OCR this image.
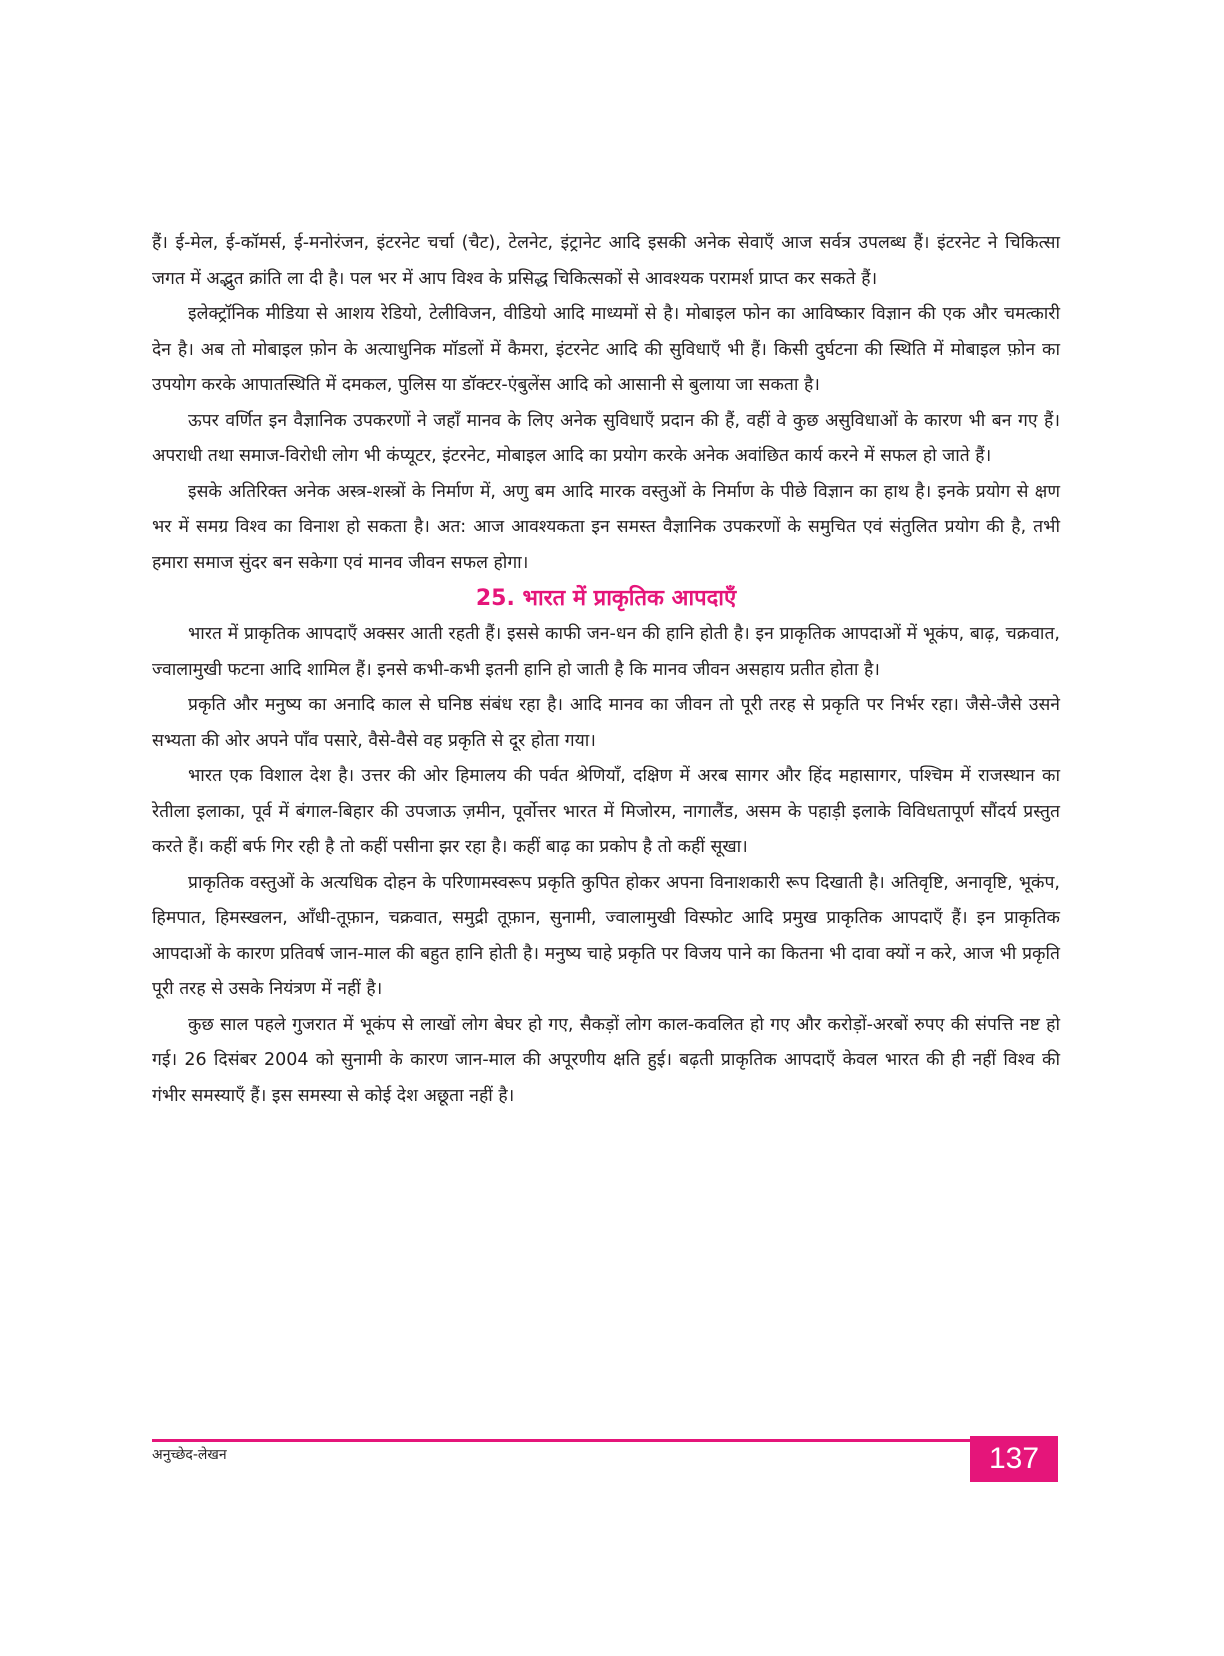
हैं। ई-मेल, ई-कॉमर्स, ई-मनोरंजन, इंटरनेट चर्चा (चैट), टेलनेट, इंट्रानेट आदि इसकी अनेक सेवाएँ आज सर्वत्र उपलब्ध हैं। इंटरनेट ने चिकित्सा जगत में अद्भुत क्रांति ला दी है। पल भर में आप विश्व के प्रसिद्ध चिकित्सकों से आवश्यक परामर्श प्राप्त कर सकते हैं।

इलेक्ट्रॉनिक मीडिया से आशय रेडियो, टेलीविजन, वीडियो आदि माध्यमों से है। मोबाइल फोन का आविष्कार विज्ञान की एक और चमत्कारी देन है। अब तो मोबाइल फ़ोन के अत्याधुनिक मॉडलों में कैमरा, इंटरनेट आदि की सुविधाएँ भी हैं। किसी दुर्घटना की स्थिति में मोबाइल फ़ोन का उपयोग करके आपातस्थिति में दमकल, पुलिस या डॉक्टर-एंबुलेंस आदि को आसानी से बुलाया जा सकता है।

ऊपर वर्णित इन वैज्ञानिक उपकरणों ने जहाँ मानव के लिए अनेक सुविधाएँ प्रदान की हैं, वहीं वे कुछ असुविधाओं के कारण भी बन गए हैं। अपराधी तथा समाज-विरोधी लोग भी कंप्यूटर, इंटरनेट, मोबाइल आदि का प्रयोग करके अनेक अवांछित कार्य करने में सफल हो जाते हैं।

इसके अतिरिक्त अनेक अस्त्र-शस्त्रों के निर्माण में, अणु बम आदि मारक वस्तुओं के निर्माण के पीछे विज्ञान का हाथ है। इनके प्रयोग से क्षण भर में समग्र विश्व का विनाश हो सकता है। अत: आज आवश्यकता इन समस्त वैज्ञानिक उपकरणों के समुचित एवं संतुलित प्रयोग की है, तभी हमारा समाज सुंदर बन सकेगा एवं मानव जीवन सफल होगा।

25. भारत में प्राकृतिक आपदाएँ

भारत में प्राकृतिक आपदाएँ अक्सर आती रहती हैं। इससे काफी जन-धन की हानि होती है। इन प्राकृतिक आपदाओं में भूकंप, बाढ़, चक्रवात, ज्वालामुखी फटना आदि शामिल हैं। इनसे कभी-कभी इतनी हानि हो जाती है कि मानव जीवन असहाय प्रतीत होता है।

प्रकृति और मनुष्य का अनादि काल से घनिष्ठ संबंध रहा है। आदि मानव का जीवन तो पूरी तरह से प्रकृति पर निर्भर रहा। जैसे-जैसे उसने सभ्यता की ओर अपने पाँव पसारे, वैसे-वैसे वह प्रकृति से दूर होता गया।

भारत एक विशाल देश है। उत्तर की ओर हिमालय की पर्वत श्रेणियाँ, दक्षिण में अरब सागर और हिंद महासागर, पश्चिम में राजस्थान का रेतीला इलाका, पूर्व में बंगाल-बिहार की उपजाऊ ज़मीन, पूर्वोत्तर भारत में मिजोरम, नागालैंड, असम के पहाड़ी इलाके विविधतापूर्ण सौंदर्य प्रस्तुत करते हैं। कहीं बर्फ गिर रही है तो कहीं पसीना झर रहा है। कहीं बाढ़ का प्रकोप है तो कहीं सूखा।

प्राकृतिक वस्तुओं के अत्यधिक दोहन के परिणामस्वरूप प्रकृति कुपित होकर अपना विनाशकारी रूप दिखाती है। अतिवृष्टि, अनावृष्टि, भूकंप, हिमपात, हिमस्खलन, आँधी-तूफ़ान, चक्रवात, समुद्री तूफ़ान, सुनामी, ज्वालामुखी विस्फोट आदि प्रमुख प्राकृतिक आपदाएँ हैं। इन प्राकृतिक आपदाओं के कारण प्रतिवर्ष जान-माल की बहुत हानि होती है। मनुष्य चाहे प्रकृति पर विजय पाने का कितना भी दावा क्यों न करे, आज भी प्रकृति पूरी तरह से उसके नियंत्रण में नहीं है।

कुछ साल पहले गुजरात में भूकंप से लाखों लोग बेघर हो गए, सैकड़ों लोग काल-कवलित हो गए और करोड़ों-अरबों रुपए की संपत्ति नष्ट हो गई। 26 दिसंबर 2004 को सुनामी के कारण जान-माल की अपूरणीय क्षति हुई। बढ़ती प्राकृतिक आपदाएँ केवल भारत की ही नहीं विश्व की गंभीर समस्याएँ हैं। इस समस्या से कोई देश अछूता नहीं है।

अनुच्छेद-लेखन	137
